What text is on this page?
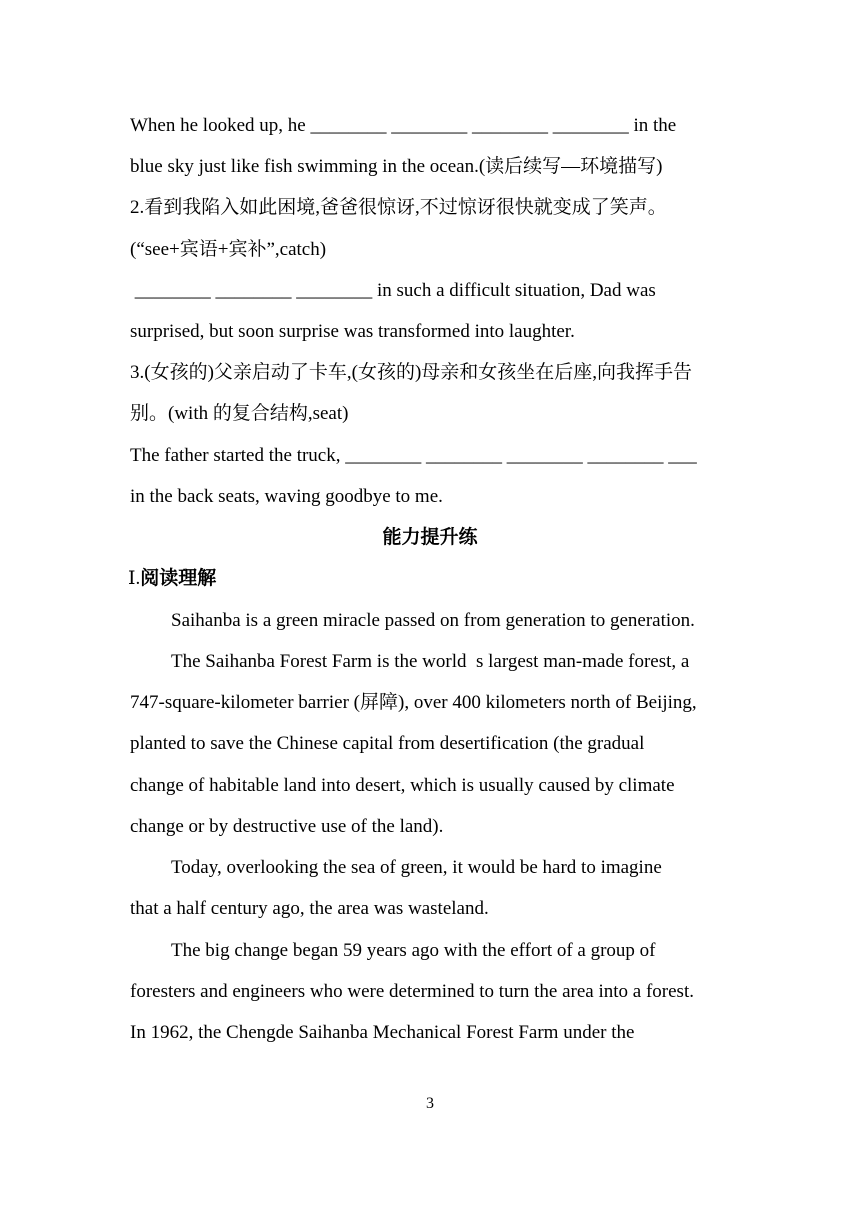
When he looked up, he ________ ________ ________ ________ in the
blue sky just like fish swimming in the ocean.(读后续写—环境描写)
2.看到我陷入如此困境,爸爸很惊讶,不过惊讶很快就变成了笑声。
(“see+宾语+宾补”,catch)
________ ________ ________ in such a difficult situation, Dad was
surprised, but soon surprise was transformed into laughter.
3.(女孩的)父亲启动了卡车,(女孩的)母亲和女孩坐在后座,向我挥手告
别。(with 的复合结构,seat)
The father started the truck, ________ ________ ________ ________ ___
in the back seats, waving goodbye to me.
能力提升练
Ⅰ.阅读理解
Saihanba is a green miracle passed on from generation to generation.
The Saihanba Forest Farm is the world  s largest man-made forest, a
747-square-kilometer barrier (屏障), over 400 kilometers north of Beijing,
planted to save the Chinese capital from desertification (the gradual
change of habitable land into desert, which is usually caused by climate
change or by destructive use of the land).
Today, overlooking the sea of green, it would be hard to imagine
that a half century ago, the area was wasteland.
The big change began 59 years ago with the effort of a group of
foresters and engineers who were determined to turn the area into a forest.
In 1962, the Chengde Saihanba Mechanical Forest Farm under the
3
